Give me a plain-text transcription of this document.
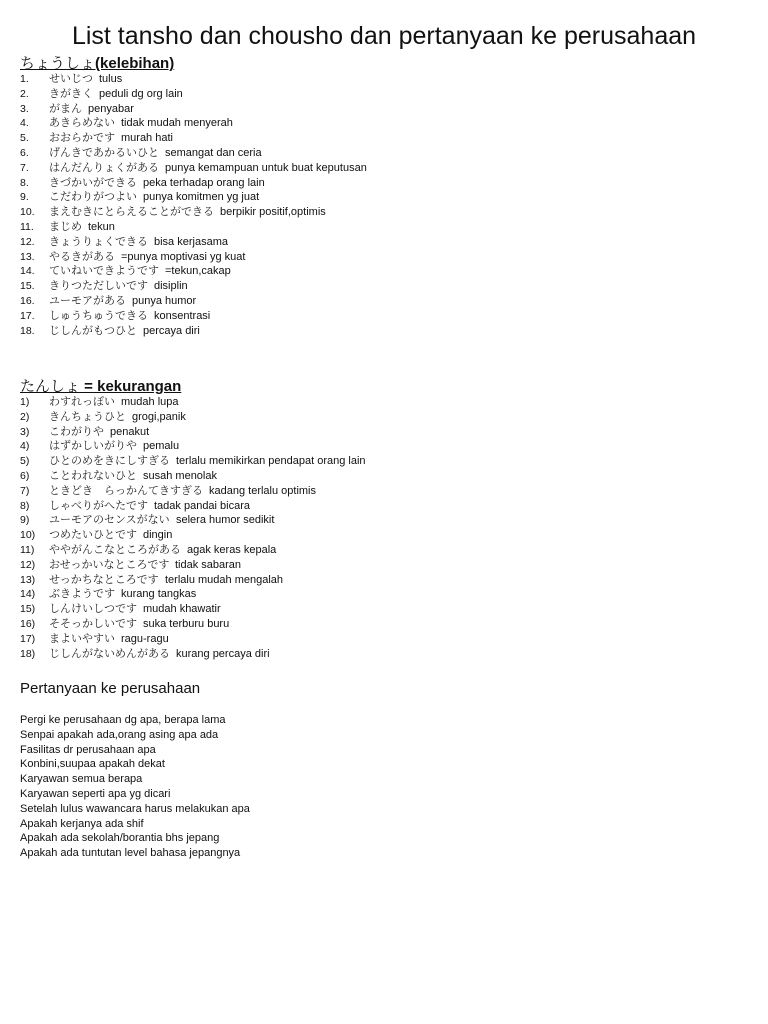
List tansho dan chousho dan pertanyaan ke perusahaan
ちょうしょ(kelebihan)
1.	せいじつ tulus
2.	きがきく peduli dg org lain
3.	がまん penyabar
4.	あきらめない tidak mudah menyerah
5.	おおらかです murah hati
6.	げんきであかるいひと semangat dan ceria
7.	はんだんりょくがある punya kemampuan untuk buat keputusan
8.	きづかいができる peka terhadap orang lain
9.	こだわりがつよい punya komitmen yg juat
10.	まえむきにとらえることができる berpikir positif,optimis
11.	まじめ tekun
12.	きょうりょくできる bisa kerjasama
13.	やるきがある =punya moptivasi yg kuat
14.	ていねいできようです =tekun,cakap
15.	きりつただしいです disiplin
16.	ユーモアがある punya humor
17.	しゅうちゅうできる konsentrasi
18.	じしんがもつひと percaya diri
たんしょ = kekurangan
1)	わすれっぽい mudah lupa
2)	きんちょうひと grogi,panik
3)	こわがりや penakut
4)	はずかしいがりや pemalu
5)	ひとのめをきにしすぎる terlalu memikirkan pendapat orang lain
6)	ことわれないひと susah menolak
7)	ときどき　らっかんてきすぎる kadang terlalu optimis
8)	しゃべりがへたです tadak pandai bicara
9)	ユーモアのセンスがない selera humor sedikit
10)	つめたいひとです dingin
11)	ややがんこなところがある agak keras kepala
12)	おせっかいなところです tidak sabaran
13)	せっかちなところです terlalu mudah mengalah
14)	ぶきようです kurang tangkas
15)	しんけいしつです mudah khawatir
16)	そそっかしいです suka terburu buru
17)	まよいやすい ragu-ragu
18)	じしんがないめんがある kurang percaya diri
Pertanyaan ke perusahaan
Pergi ke perusahaan dg apa, berapa lama
Senpai apakah ada,orang asing apa ada
Fasilitas dr perusahaan apa
Konbini,suupaa apakah dekat
Karyawan semua berapa
Karyawan seperti apa yg dicari
Setelah lulus wawancara harus melakukan apa
Apakah kerjanya ada shif
Apakah ada sekolah/borantia bhs jepang
Apakah ada tuntutan level bahasa jepangnya
